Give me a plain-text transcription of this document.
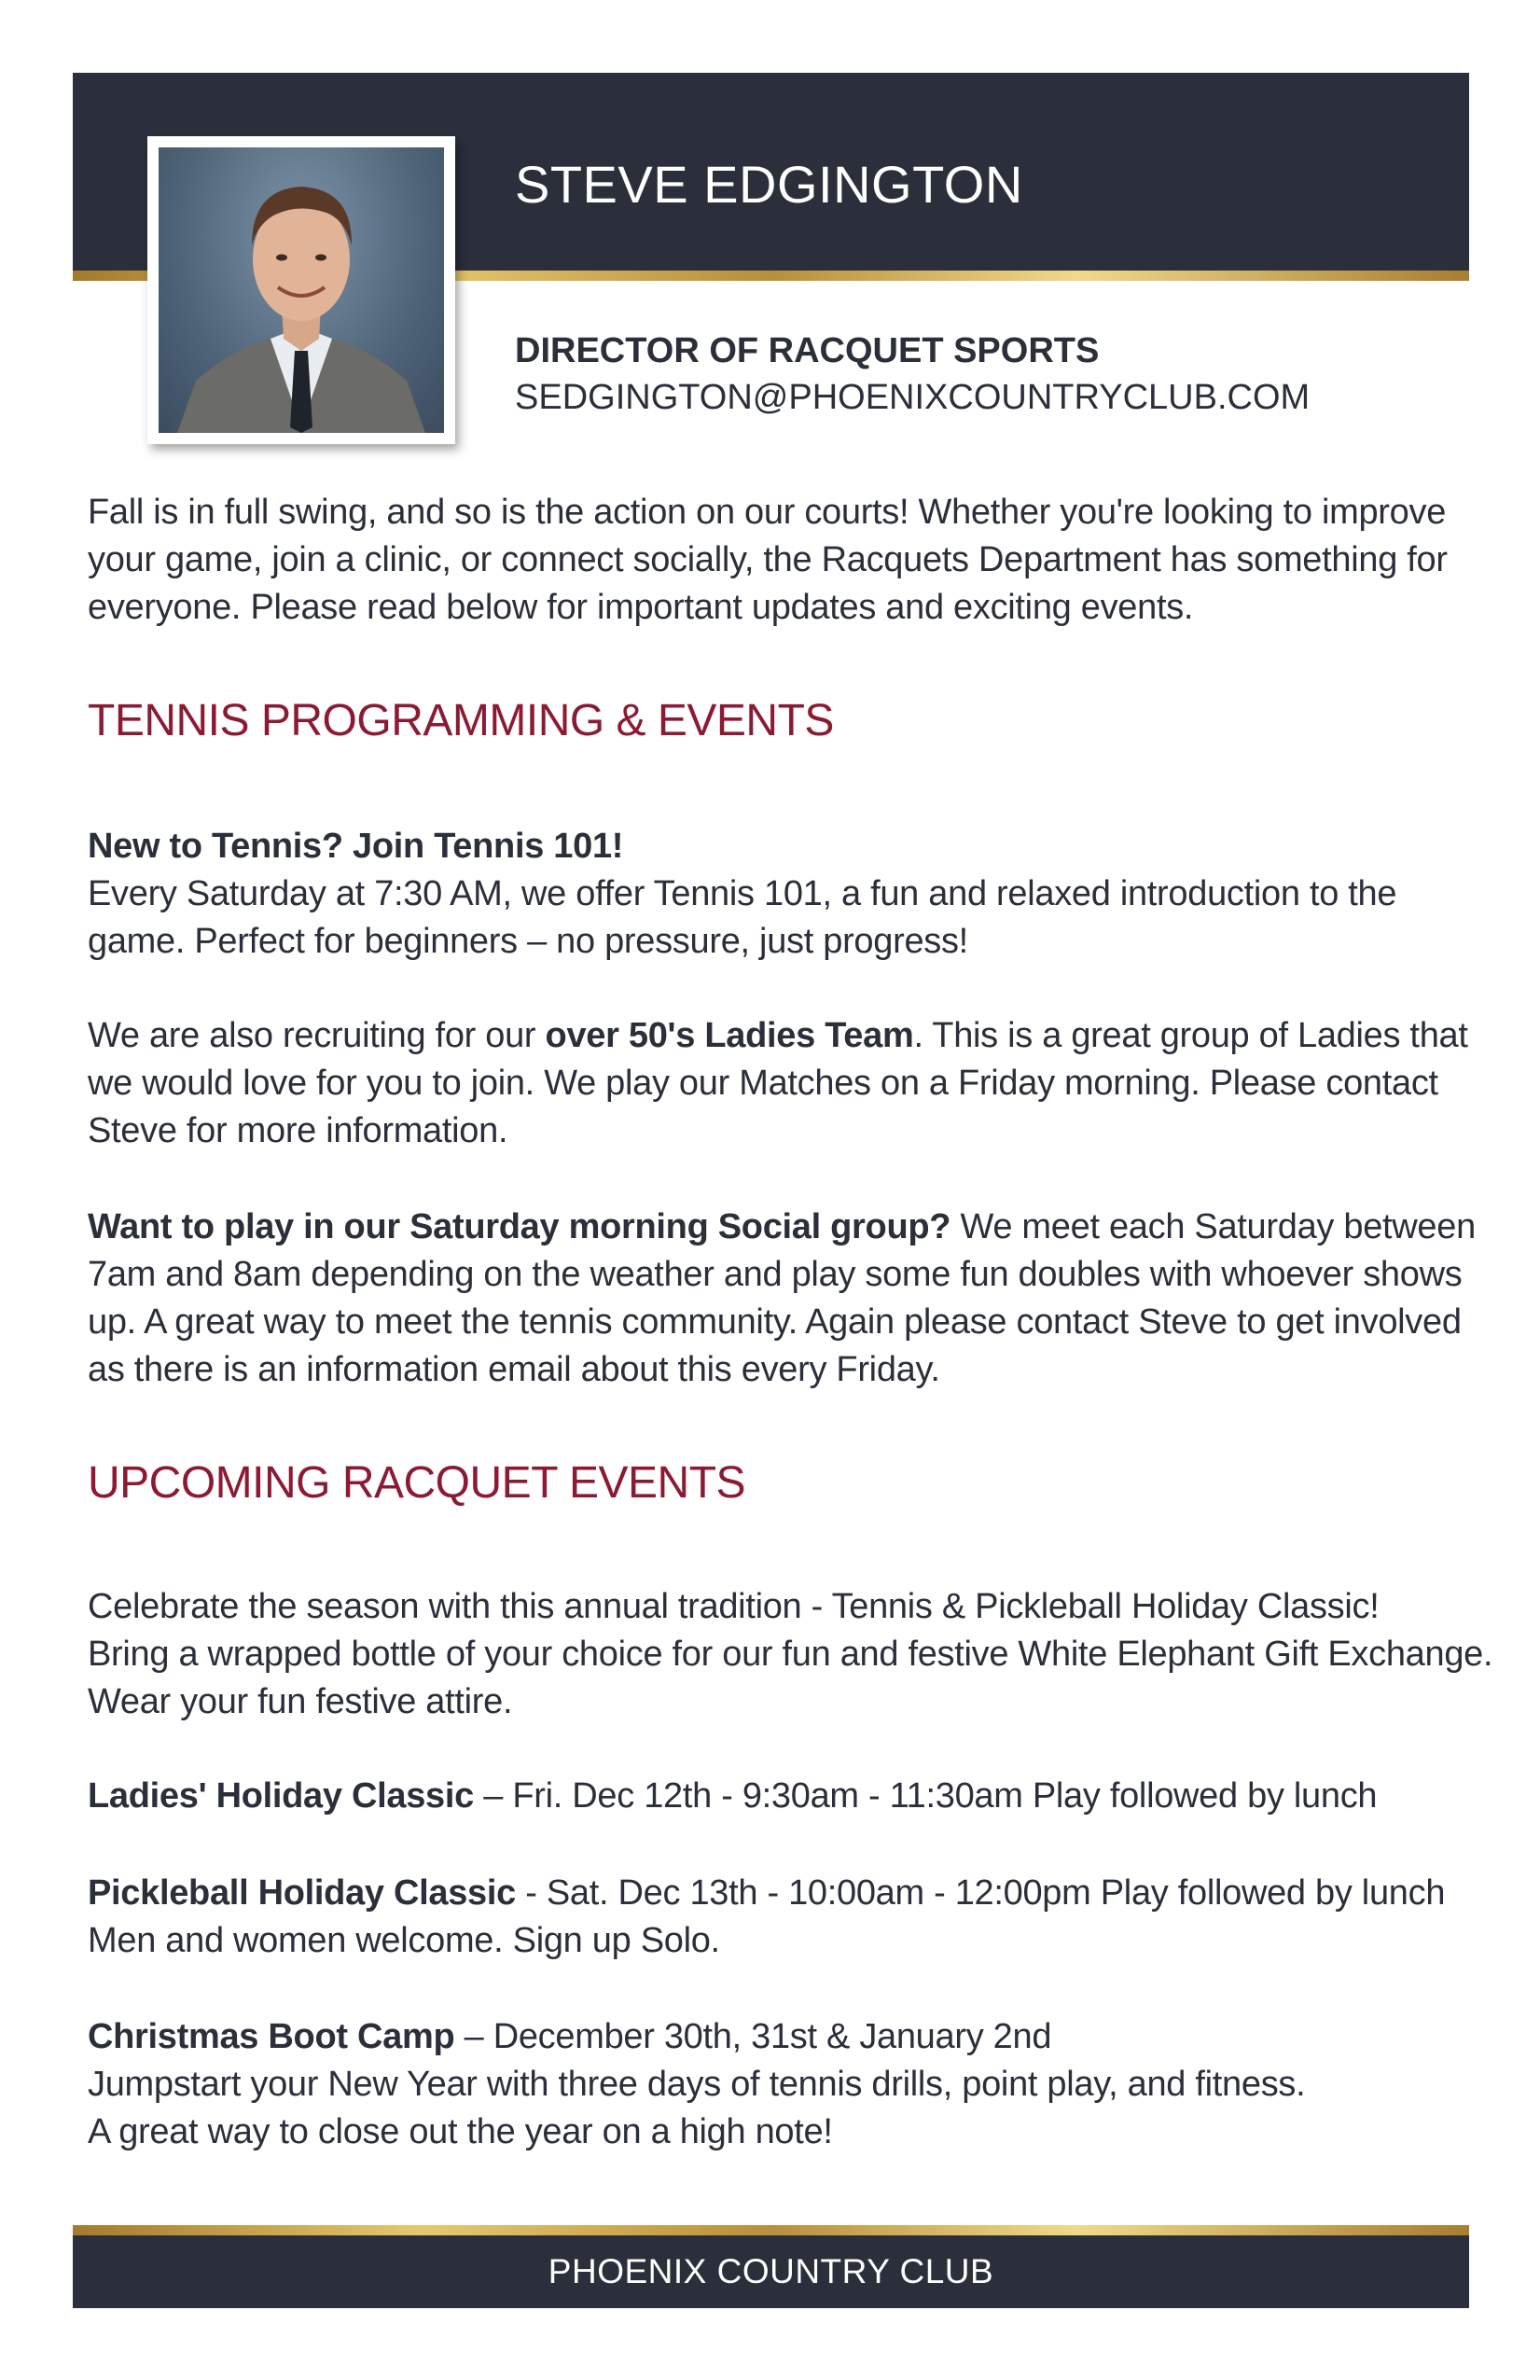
STEVE EDGINGTON
DIRECTOR OF RACQUET SPORTS
SEDGINGTON@PHOENIXCOUNTRYCLUB.COM

Fall is in full swing, and so is the action on our courts! Whether you're looking to improve your game, join a clinic, or connect socially, the Racquets Department has something for everyone. Please read below for important updates and exciting events.

TENNIS PROGRAMMING & EVENTS

New to Tennis? Join Tennis 101!

Every Saturday at 7:30 AM, we offer Tennis 101, a fun and relaxed introduction to the game. Perfect for beginners – no pressure, just progress!

We are also recruiting for our over 50's Ladies Team. This is a great group of Ladies that we would love for you to join. We play our Matches on a Friday morning. Please contact Steve for more information.

Want to play in our Saturday morning Social group? We meet each Saturday between 7am and 8am depending on the weather and play some fun doubles with whoever shows up. A great way to meet the tennis community. Again please contact Steve to get involved as there is an information email about this every Friday.

UPCOMING RACQUET EVENTS

Celebrate the season with this annual tradition - Tennis & Pickleball Holiday Classic!

Bring a wrapped bottle of your choice for our fun and festive White Elephant Gift Exchange.

Wear your fun festive attire.

Ladies' Holiday Classic – Fri. Dec 12th - 9:30am - 11:30am Play followed by lunch

Pickleball Holiday Classic - Sat. Dec 13th - 10:00am - 12:00pm Play followed by lunch

Men and women welcome. Sign up Solo.

Christmas Boot Camp – December 30th, 31st & January 2nd

Jumpstart your New Year with three days of tennis drills, point play, and fitness.

A great way to close out the year on a high note!

PHOENIX COUNTRY CLUB
